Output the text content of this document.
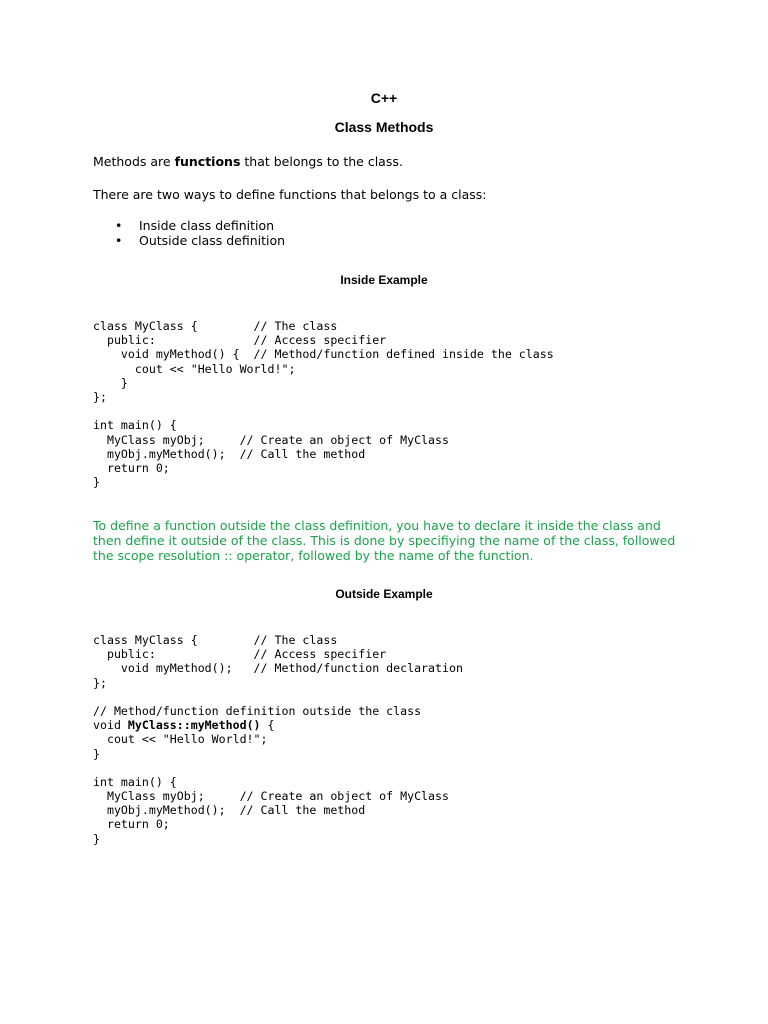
C++
Class Methods

Methods are functions that belongs to the class.

There are two ways to define functions that belongs to a class:

• Inside class definition
• Outside class definition
Inside Example
class MyClass {        // The class
public:              // Access specifier
void myMethod() {  // Method/function defined inside the class
cout << "Hello World!";
}
};
int main() {
MyClass myObj;     // Create an object of MyClass
myObj.myMethod();  // Call the method
return 0;
}

To define a function outside the class definition, you have to declare it inside the class and then define it outside of the class. This is done by specifiying the name of the class, followed the scope resolution :: operator, followed by the name of the function.

Outside Example
class MyClass {        // The class
public:              // Access specifier
void myMethod();   // Method/function declaration
};
// Method/function definition outside the class
void MyClass::myMethod() {
cout << "Hello World!";
}
int main() {
MyClass myObj;     // Create an object of MyClass
myObj.myMethod();  // Call the method
return 0;
}
